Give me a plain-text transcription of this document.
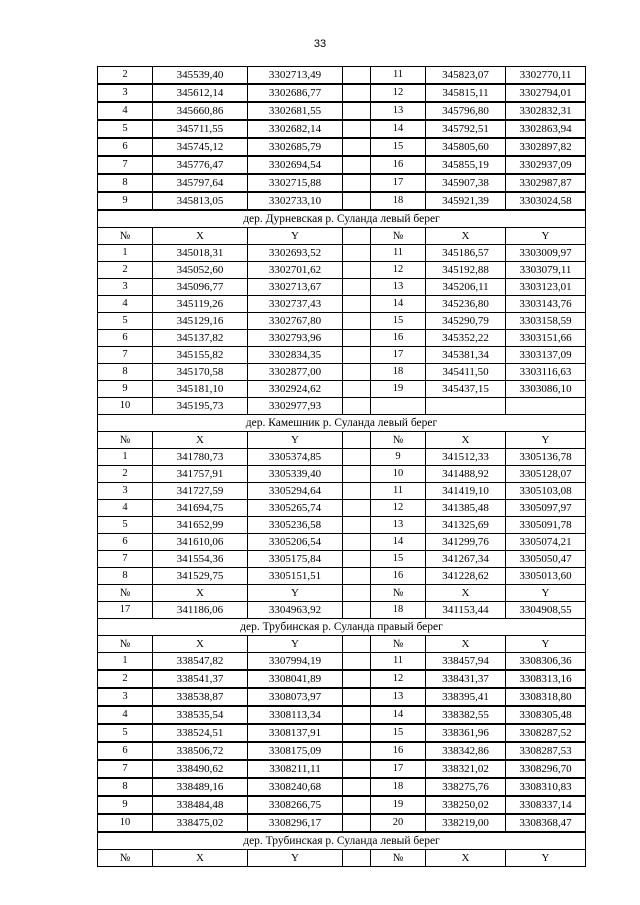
33
2	345539,40	3302713,49		11	345823,07	3302770,11
3	345612,14	3302686,77		12	345815,11	3302794,01
4	345660,86	3302681,55		13	345796,80	3302832,31
5	345711,55	3302682,14		14	345792,51	3302863,94
6	345745,12	3302685,79		15	345805,60	3302897,82
7	345776,47	3302694,54		16	345855,19	3302937,09
8	345797,64	3302715,88		17	345907,38	3302987,87
9	345813,05	3302733,10		18	345921,39	3303024,58
дер. Дурневская р. Суланда левый берег						
№	X	Y		№	X	Y
1	345018,31	3302693,52		11	345186,57	3303009,97
2	345052,60	3302701,62		12	345192,88	3303079,11
3	345096,77	3302713,67		13	345206,11	3303123,01
4	345119,26	3302737,43		14	345236,80	3303143,76
5	345129,16	3302767,80		15	345290,79	3303158,59
6	345137,82	3302793,96		16	345352,22	3303151,66
7	345155,82	3302834,35		17	345381,34	3303137,09
8	345170,58	3302877,00		18	345411,50	3303116,63
9	345181,10	3302924,62		19	345437,15	3303086,10
10	345195,73	3302977,93				
дер. Камешник р. Суланда левый берег						
№	X	Y		№	X	Y
1	341780,73	3305374,85		9	341512,33	3305136,78
2	341757,91	3305339,40		10	341488,92	3305128,07
3	341727,59	3305294,64		11	341419,10	3305103,08
4	341694,75	3305265,74		12	341385,48	3305097,97
5	341652,99	3305236,58		13	341325,69	3305091,78
6	341610,06	3305206,54		14	341299,76	3305074,21
7	341554,36	3305175,84		15	341267,34	3305050,47
8	341529,75	3305151,51		16	341228,62	3305013,60
№	X	Y		№	X	Y
17	341186,06	3304963,92		18	341153,44	3304908,55
дер. Трубинская р. Суланда правый берег						
№	X	Y		№	X	Y
1	338547,82	3307994,19		11	338457,94	3308306,36
2	338541,37	3308041,89		12	338431,37	3308313,16
3	338538,87	3308073,97		13	338395,41	3308318,80
4	338535,54	3308113,34		14	338382,55	3308305,48
5	338524,51	3308137,91		15	338361,96	3308287,52
6	338506,72	3308175,09		16	338342,86	3308287,53
7	338490,62	3308211,11		17	338321,02	3308296,70
8	338489,16	3308240,68		18	338275,76	3308310,83
9	338484,48	3308266,75		19	338250,02	3308337,14
10	338475,02	3308296,17		20	338219,00	3308368,47
дер. Трубинская р. Суланда левый берег						
№	X	Y		№	X	Y
